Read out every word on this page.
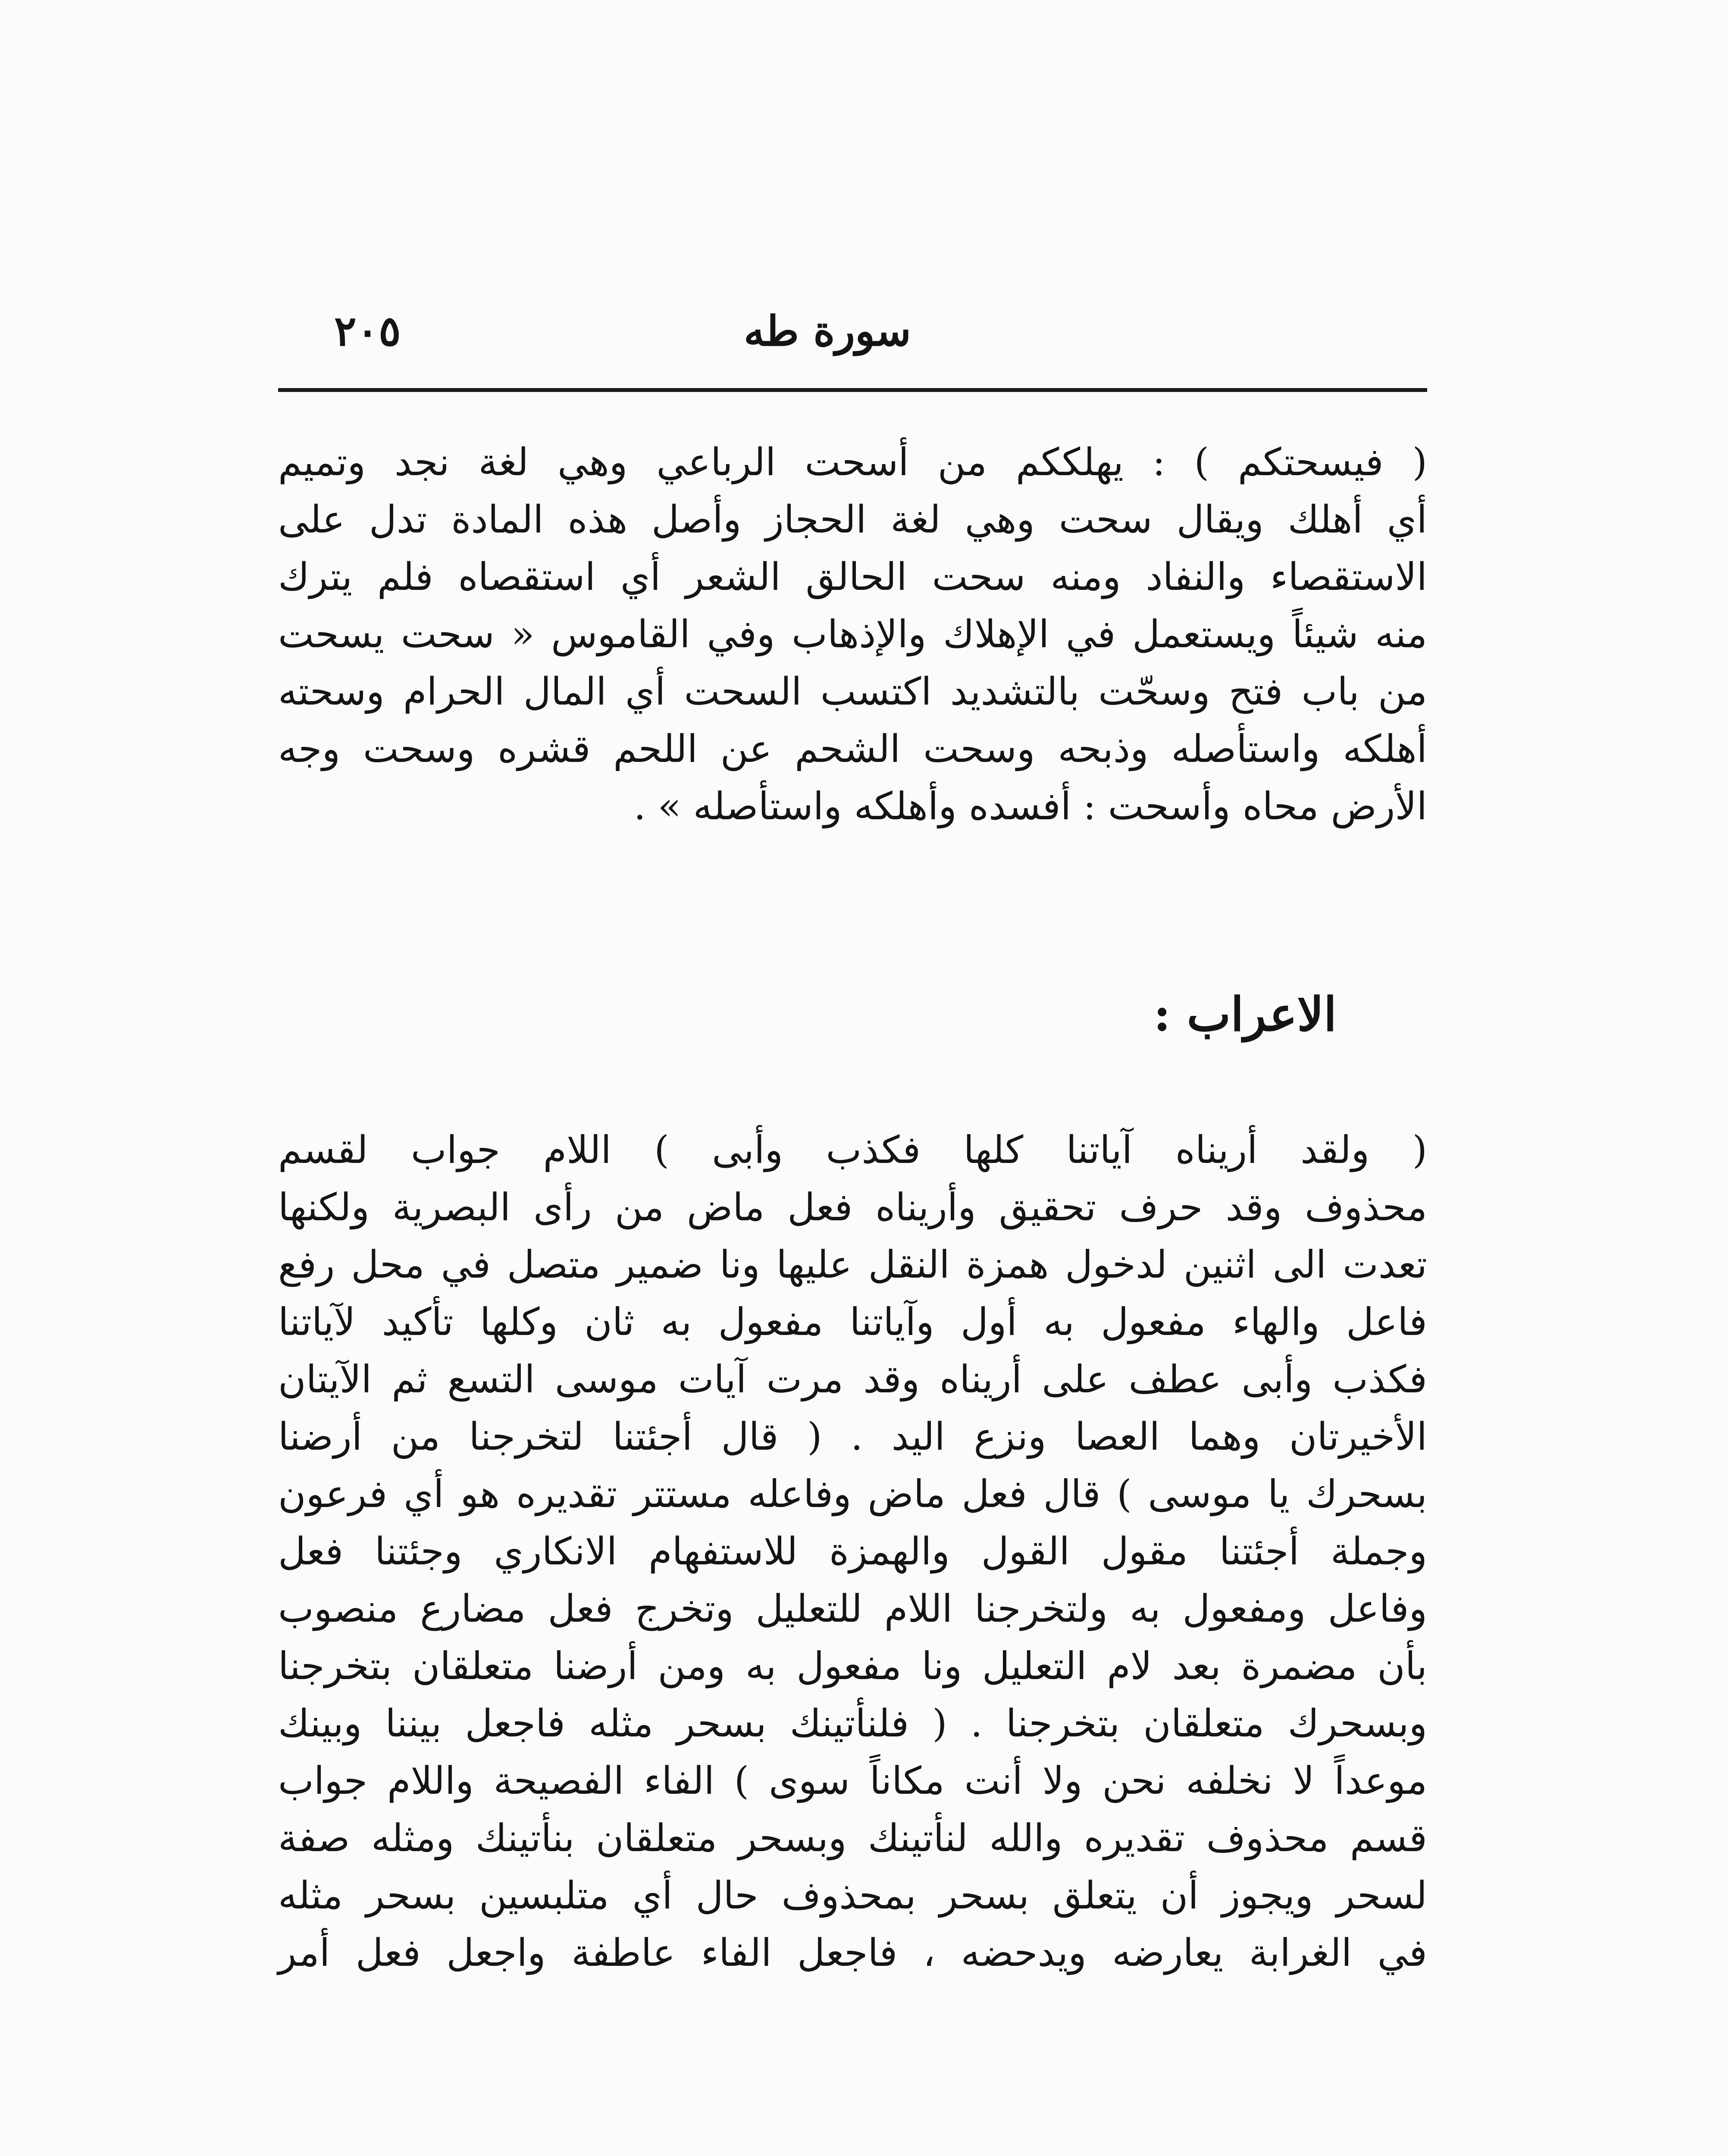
٢٠٥	سورة طه
( فيسحتكم ) : يهلككم من أسحت الرباعي وهي لغة نجد وتميم
أي أهلك ويقال سحت وهي لغة الحجاز وأصل هذه المادة تدل على
الاستقصاء والنفاد ومنه سحت الحالق الشعر أي استقصاه فلم يترك
منه شيئاً ويستعمل في الإهلاك والإذهاب وفي القاموس « سحت يسحت
من باب فتح وسحّت بالتشديد اكتسب السحت أي المال الحرام وسحته
أهلكه واستأصله وذبحه وسحت الشحم عن اللحم قشره وسحت وجه
الأرض محاه وأسحت : أفسده وأهلكه واستأصله » .
الاعراب :
( ولقد أريناه آياتنا كلها فكذب وأبى ) اللام جواب لقسم
محذوف وقد حرف تحقيق وأريناه فعل ماض من رأى البصرية ولكنها
تعدت الى اثنين لدخول همزة النقل عليها ونا ضمير متصل في محل رفع
فاعل والهاء مفعول به أول وآياتنا مفعول به ثان وكلها تأكيد لآياتنا
فكذب وأبى عطف على أريناه وقد مرت آيات موسى التسع ثم الآيتان
الأخيرتان وهما العصا ونزع اليد . ( قال أجئتنا لتخرجنا من أرضنا
بسحرك يا موسى ) قال فعل ماض وفاعله مستتر تقديره هو أي فرعون
وجملة أجئتنا مقول القول والهمزة للاستفهام الانكاري وجئتنا فعل
وفاعل ومفعول به ولتخرجنا اللام للتعليل وتخرج فعل مضارع منصوب
بأن مضمرة بعد لام التعليل ونا مفعول به ومن أرضنا متعلقان بتخرجنا
وبسحرك متعلقان بتخرجنا . ( فلنأتينك بسحر مثله فاجعل بيننا وبينك
موعداً لا نخلفه نحن ولا أنت مكاناً سوى ) الفاء الفصيحة واللام جواب
قسم محذوف تقديره والله لنأتينك وبسحر متعلقان بنأتينك ومثله صفة
لسحر ويجوز أن يتعلق بسحر بمحذوف حال أي متلبسين بسحر مثله
في الغرابة يعارضه ويدحضه ، فاجعل الفاء عاطفة واجعل فعل أمر
